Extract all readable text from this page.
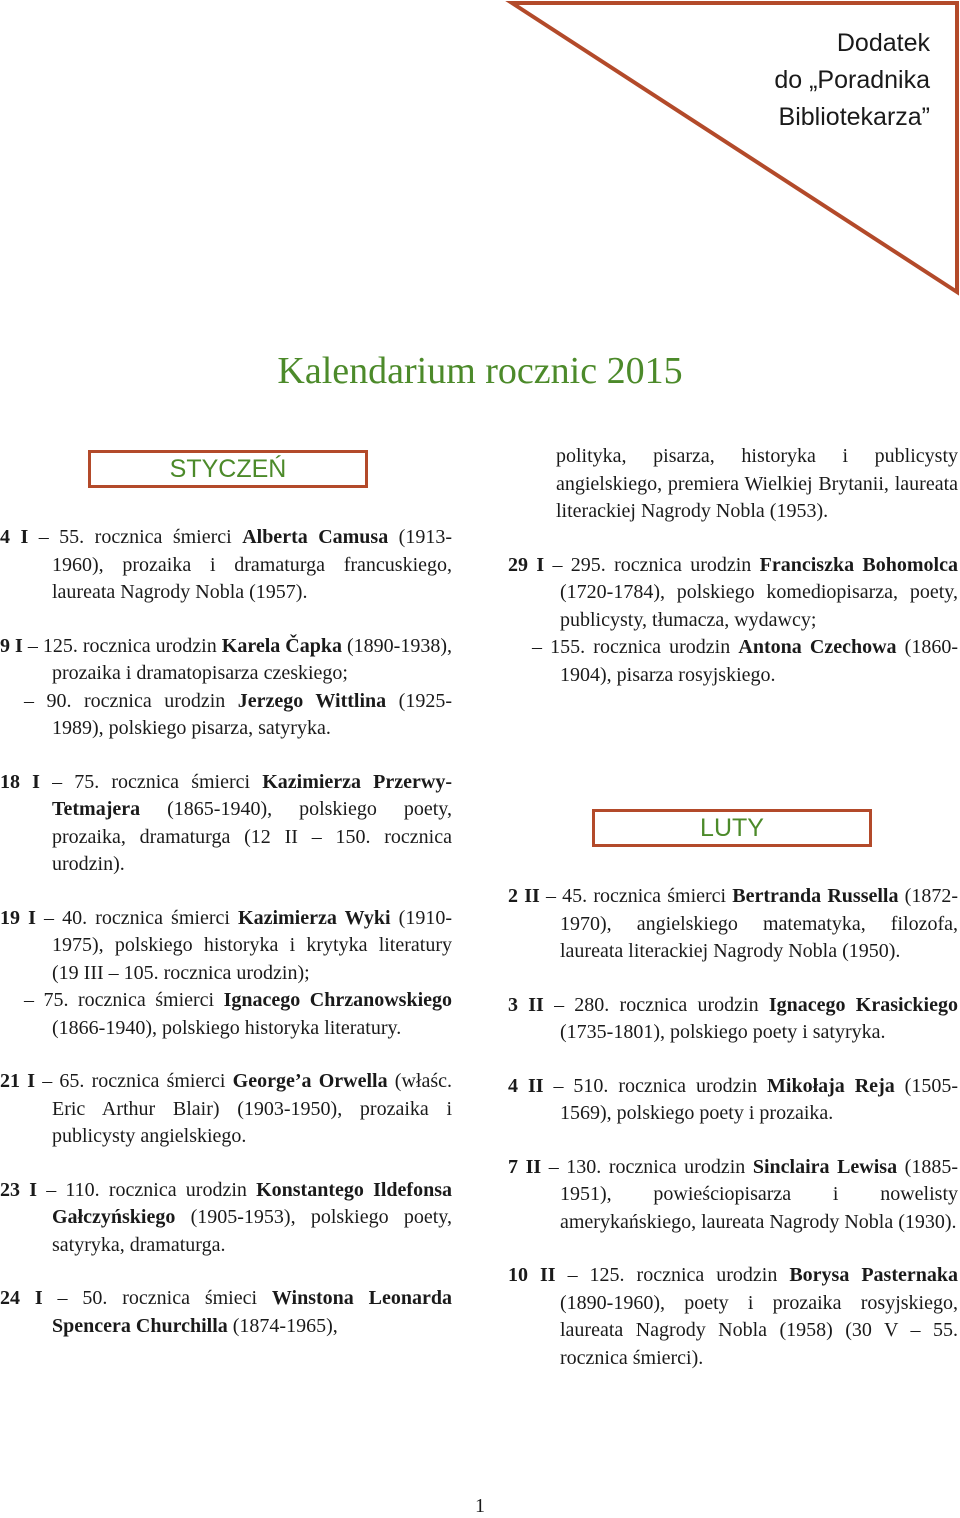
Dodatek
do „Poradnika
Bibliotekarza”
Kalendarium rocznic 2015
STYCZEŃ

4 I – 55. rocznica śmierci Alberta Camusa (1913-1960), prozaika i dramaturga francuskiego, laureata Nagrody Nobla (1957).

9 I – 125. rocznica urodzin Karela Čapka (1890-1938), prozaika i dramatopisarza czeskiego;

– 90. rocznica urodzin Jerzego Wittlina (1925-1989), polskiego pisarza, satyryka.

18 I – 75. rocznica śmierci Kazimierza Przerwy-Tetmajera (1865-1940), polskiego poety, prozaika, dramaturga (12 II – 150. rocznica urodzin).

19 I – 40. rocznica śmierci Kazimierza Wyki (1910-1975), polskiego historyka i krytyka literatury (19 III – 105. rocznica urodzin);

– 75. rocznica śmierci Ignacego Chrzanowskiego (1866-1940), polskiego historyka literatury.

21 I – 65. rocznica śmierci George’a Orwella (właśc. Eric Arthur Blair) (1903-1950), prozaika i publicysty angielskiego.

23 I – 110. rocznica urodzin Konstantego Ildefonsa Gałczyńskiego (1905-1953), polskiego poety, satyryka, dramaturga.

24 I – 50. rocznica śmieci Winstona Leonarda Spencera Churchilla (1874-1965),

polityka, pisarza, historyka i publicysty angielskiego, premiera Wielkiej Brytanii, laureata literackiej Nagrody Nobla (1953).

29 I – 295. rocznica urodzin Franciszka Bohomolca (1720-1784), polskiego komediopisarza, poety, publicysty, tłumacza, wydawcy;

– 155. rocznica urodzin Antona Czechowa (1860-1904), pisarza rosyjskiego.

LUTY

2 II – 45. rocznica śmierci Bertranda Russella (1872-1970), angielskiego matematyka, filozofa, laureata literackiej Nagrody Nobla (1950).

3 II – 280. rocznica urodzin Ignacego Krasickiego (1735-1801), polskiego poety i satyryka.

4 II – 510. rocznica urodzin Mikołaja Reja (1505-1569), polskiego poety i prozaika.

7 II – 130. rocznica urodzin Sinclaira Lewisa (1885-1951), powieściopisarza i nowelisty amerykańskiego, laureata Nagrody Nobla (1930).

10 II – 125. rocznica urodzin Borysa Pasternaka (1890-1960), poety i prozaika rosyjskiego, laureata Nagrody Nobla (1958) (30 V – 55. rocznica śmierci).

1
